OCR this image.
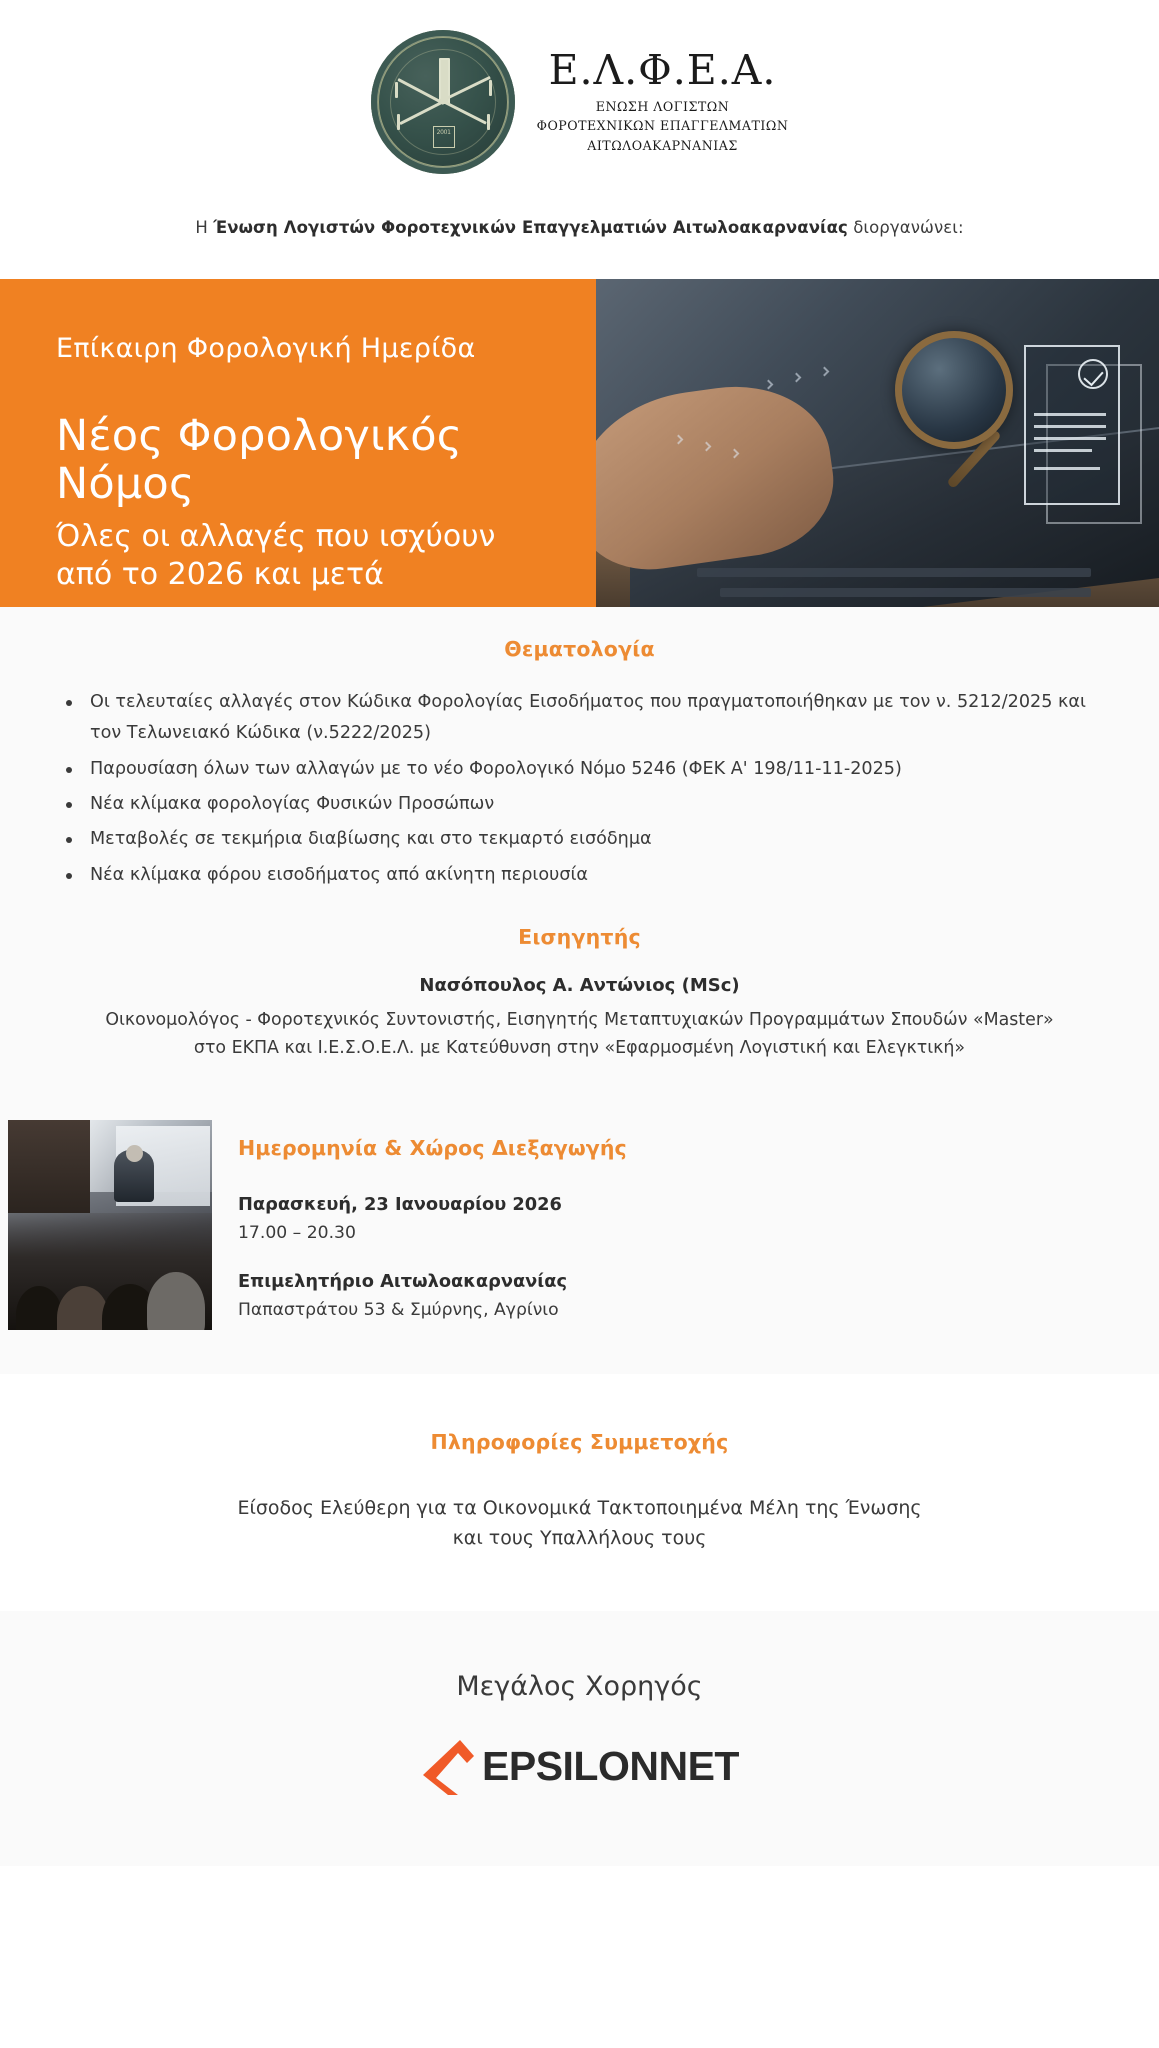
2001
Ε.Λ.Φ.Ε.Α.
ΕΝΩΣΗ ΛΟΓΙΣΤΩΝ
ΦΟΡΟΤΕΧΝΙΚΩΝ ΕΠΑΓΓΕΛΜΑΤΙΩΝ
ΑΙΤΩΛΟΑΚΑΡΝΑΝΙΑΣ
Η Ένωση Λογιστών Φοροτεχνικών Επαγγελματιών Αιτωλοακαρνανίας διοργανώνει:
Επίκαιρη Φορολογική Ημερίδα
Νέος Φορολογικός Νόμος
Όλες οι αλλαγές που ισχύουν
από το 2026 και μετά
Θεματολογία
Οι τελευταίες αλλαγές στον Κώδικα Φορολογίας Εισοδήματος που πραγματοποιήθηκαν με τον ν. 5212/2025 και τον Τελωνειακό Κώδικα (ν.5222/2025)
Παρουσίαση όλων των αλλαγών με το νέο Φορολογικό Νόμο 5246 (ΦΕΚ Α' 198/11-11-2025)
Νέα κλίμακα φορολογίας Φυσικών Προσώπων
Μεταβολές σε τεκμήρια διαβίωσης και στο τεκμαρτό εισόδημα
Νέα κλίμακα φόρου εισοδήματος από ακίνητη περιουσία
Εισηγητής
Νασόπουλος Α. Αντώνιος (MSc)
Οικονομολόγος - Φοροτεχνικός Συντονιστής, Εισηγητής Μεταπτυχιακών Προγραμμάτων Σπουδών «Master»
στο ΕΚΠΑ και Ι.Ε.Σ.Ο.Ε.Λ. με Κατεύθυνση στην «Εφαρμοσμένη Λογιστική και Ελεγκτική»
Ημερομηνία & Χώρος Διεξαγωγής
Παρασκευή, 23 Ιανουαρίου 2026
17.00 – 20.30
Επιμελητήριο Αιτωλοακαρνανίας
Παπαστράτου 53 & Σμύρνης, Αγρίνιο
Πληροφορίες Συμμετοχής
Είσοδος Ελεύθερη για τα Οικονομικά Τακτοποιημένα Μέλη της Ένωσης
και τους Υπαλλήλους τους
Μεγάλος Χορηγός
EPSILONNET
